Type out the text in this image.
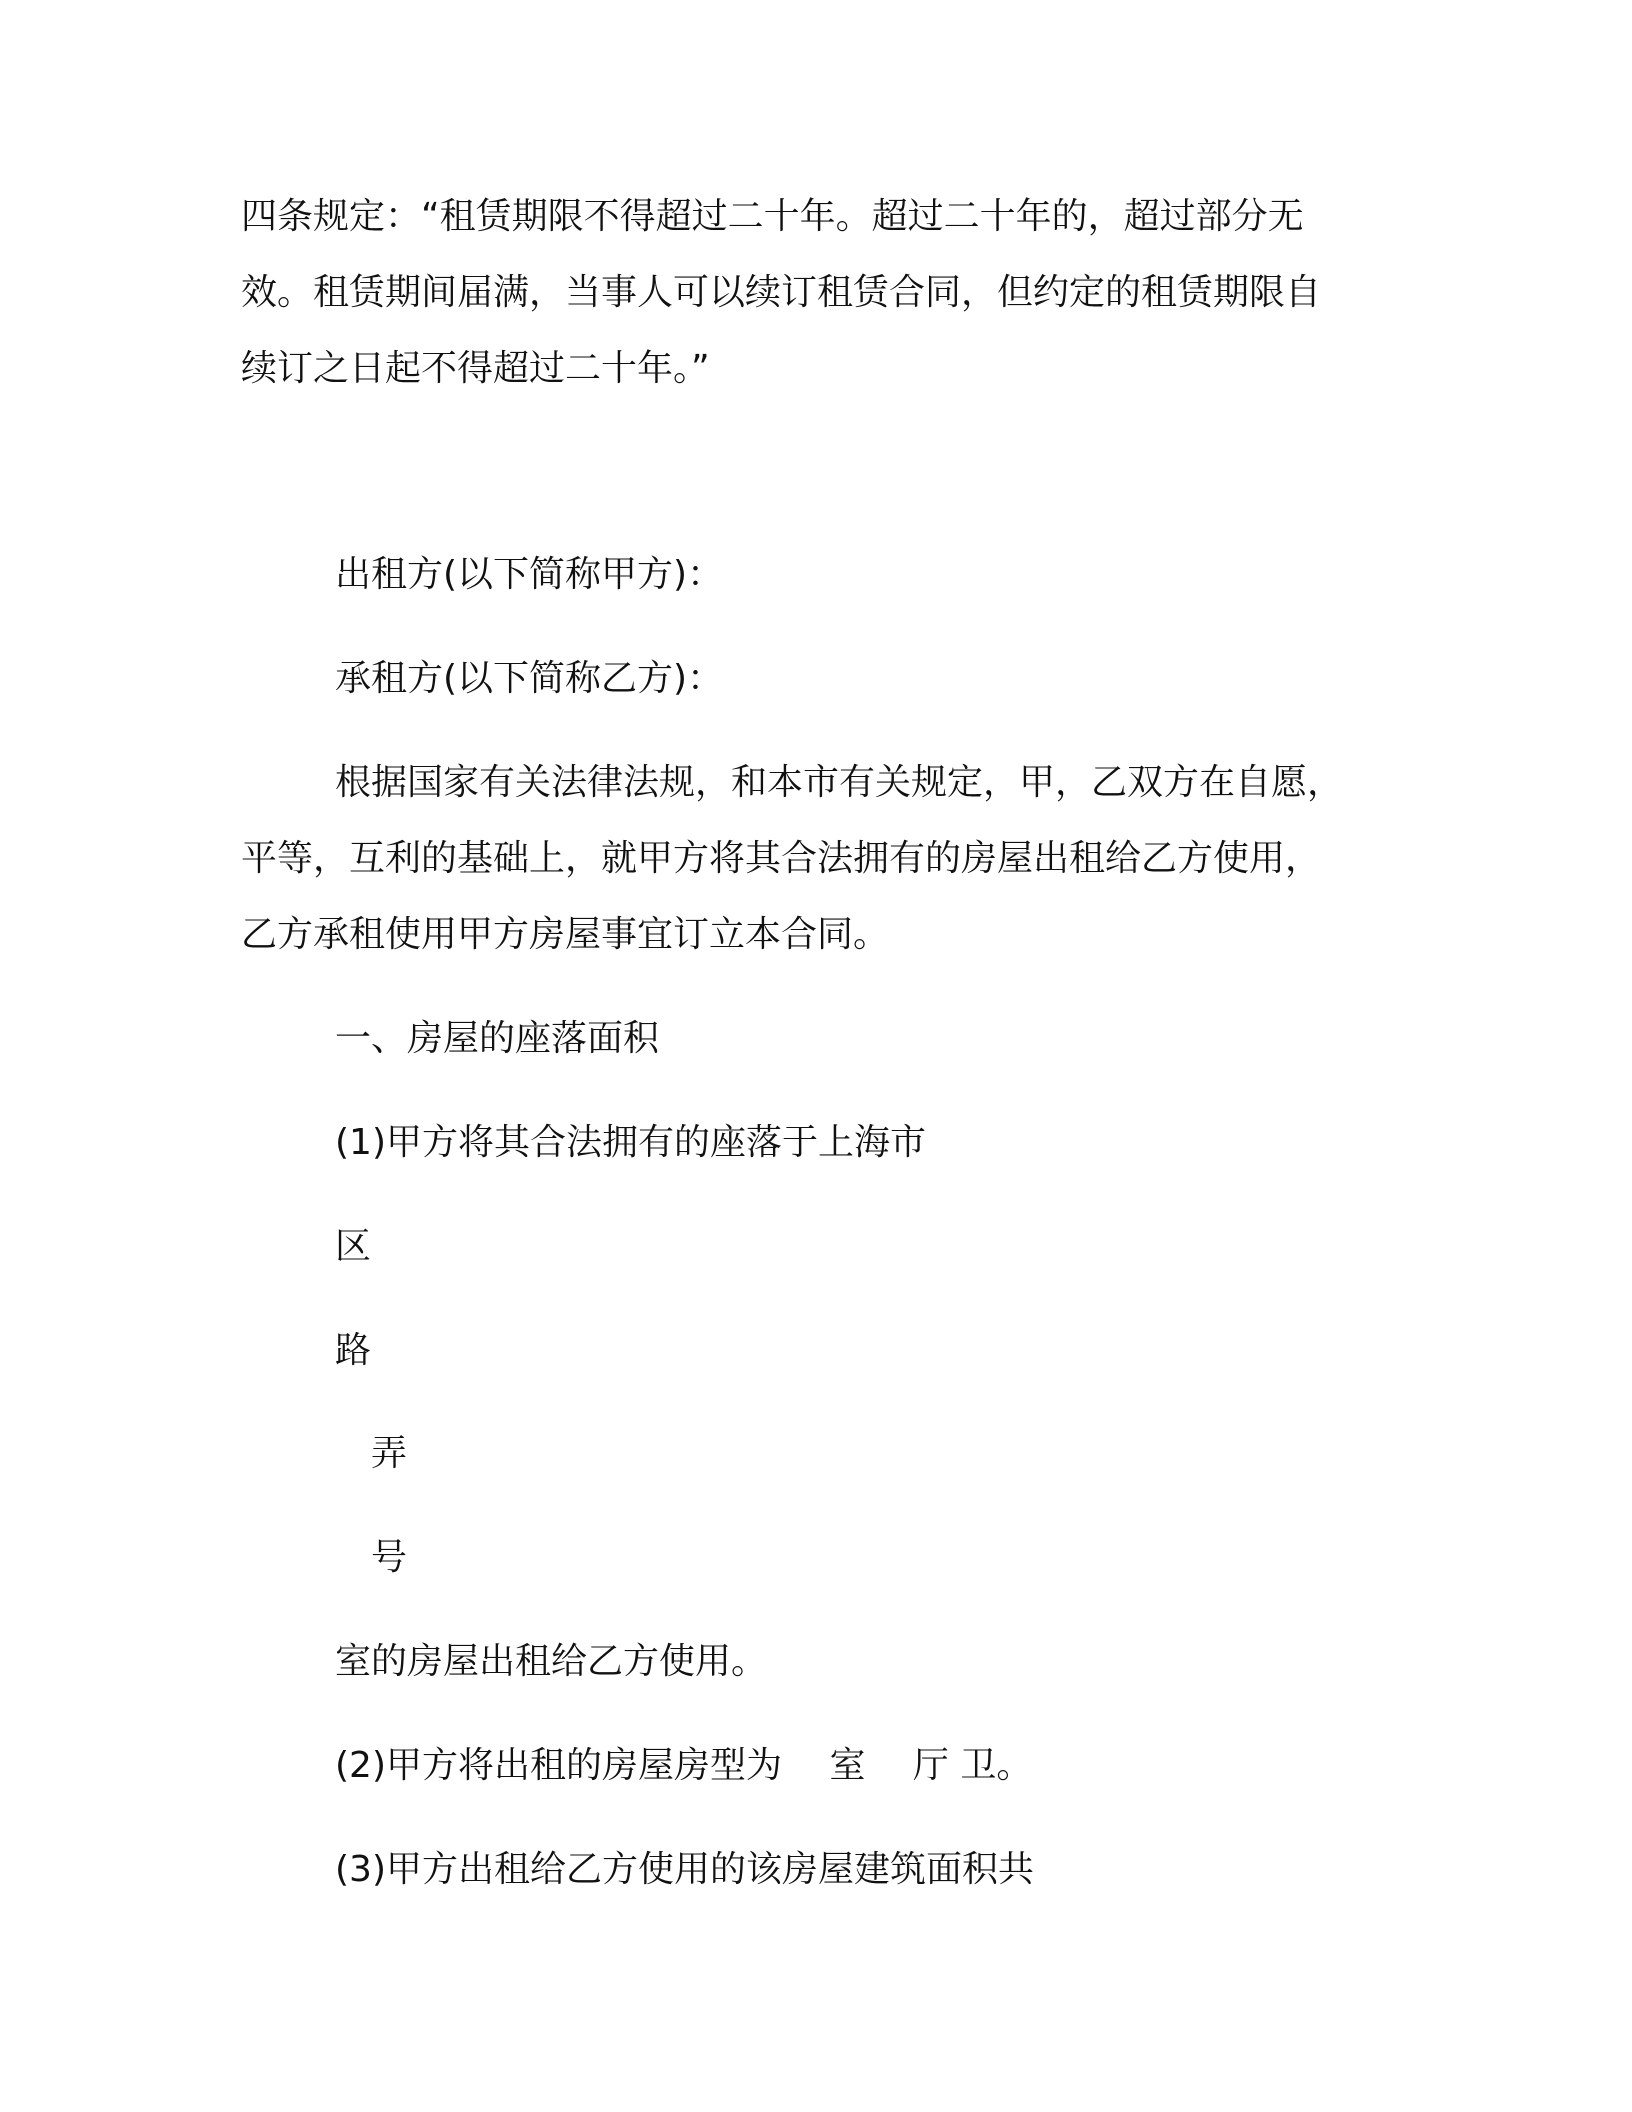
四条规定：“租赁期限不得超过二十年。超过二十年的，超过部分无

效。租赁期间届满，当事人可以续订租赁合同，但约定的租赁期限自

续订之日起不得超过二十年。”

出租方(以下简称甲方)：

承租方(以下简称乙方)：

根据国家有关法律法规，和本市有关规定，甲，乙双方在自愿，

平等，互利的基础上，就甲方将其合法拥有的房屋出租给乙方使用，

乙方承租使用甲方房屋事宜订立本合同。

一、房屋的座落面积

(1)甲方将其合法拥有的座落于上海市

区

路

弄

号

室的房屋出租给乙方使用。

(2)甲方将出租的房屋房型为　 室　 厅 卫。

(3)甲方出租给乙方使用的该房屋建筑面积共
